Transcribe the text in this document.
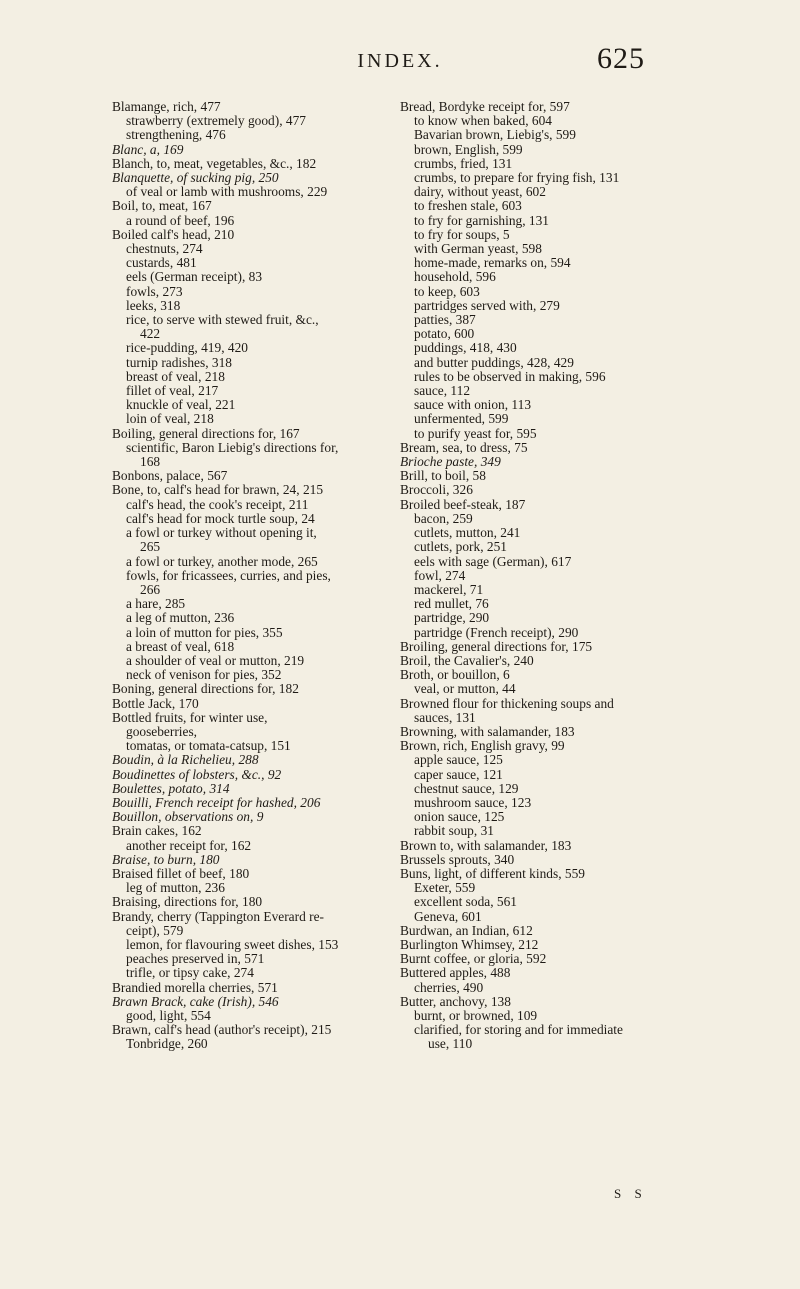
INDEX.	625
Blamange, rich, 477
strawberry (extremely good), 477
strengthening, 476
Blanc, a, 169
Blanch, to, meat, vegetables, &c., 182
Blanquette, of sucking pig, 250
of veal or lamb with mushrooms, 229
Boil, to, meat, 167
a round of beef, 196
Boiled calf's head, 210
chestnuts, 274
custards, 481
eels (German receipt), 83
fowls, 273
leeks, 318
rice, to serve with stewed fruit, &c.,
422
rice-pudding, 419, 420
turnip radishes, 318
breast of veal, 218
fillet of veal, 217
knuckle of veal, 221
loin of veal, 218
Boiling, general directions for, 167
scientific, Baron Liebig's directions for,
168
Bonbons, palace, 567
Bone, to, calf's head for brawn, 24, 215
calf's head, the cook's receipt, 211
calf's head for mock turtle soup, 24
a fowl or turkey without opening it,
265
a fowl or turkey, another mode, 265
fowls, for fricassees, curries, and pies,
266
a hare, 285
a leg of mutton, 236
a loin of mutton for pies, 355
a breast of veal, 618
a shoulder of veal or mutton, 219
neck of venison for pies, 352
Boning, general directions for, 182
Bottle Jack, 170
Bottled fruits, for winter use,
gooseberries,
tomatas, or tomata-catsup, 151
Boudin, à la Richelieu, 288
Boudinettes of lobsters, &c., 92
Boulettes, potato, 314
Bouilli, French receipt for hashed, 206
Bouillon, observations on, 9
Brain cakes, 162
another receipt for, 162
Braise, to burn, 180
Braised fillet of beef, 180
leg of mutton, 236
Braising, directions for, 180
Brandy, cherry (Tappington Everard re-
ceipt), 579
lemon, for flavouring sweet dishes, 153
peaches preserved in, 571
trifle, or tipsy cake, 274
Brandied morella cherries, 571
Brawn Brack, cake (Irish), 546
good, light, 554
Brawn, calf's head (author's receipt), 215
Tonbridge, 260
Bread, Bordyke receipt for, 597
to know when baked, 604
Bavarian brown, Liebig's, 599
brown, English, 599
crumbs, fried, 131
crumbs, to prepare for frying fish, 131
dairy, without yeast, 602
to freshen stale, 603
to fry for garnishing, 131
to fry for soups, 5
with German yeast, 598
home-made, remarks on, 594
household, 596
to keep, 603
partridges served with, 279
patties, 387
potato, 600
puddings, 418, 430
and butter puddings, 428, 429
rules to be observed in making, 596
sauce, 112
sauce with onion, 113
unfermented, 599
to purify yeast for, 595
Bream, sea, to dress, 75
Brioche paste, 349
Brill, to boil, 58
Broccoli, 326
Broiled beef-steak, 187
bacon, 259
cutlets, mutton, 241
cutlets, pork, 251
eels with sage (German), 617
fowl, 274
mackerel, 71
red mullet, 76
partridge, 290
partridge (French receipt), 290
Broiling, general directions for, 175
Broil, the Cavalier's, 240
Broth, or bouillon, 6
veal, or mutton, 44
Browned flour for thickening soups and
sauces, 131
Browning, with salamander, 183
Brown, rich, English gravy, 99
apple sauce, 125
caper sauce, 121
chestnut sauce, 129
mushroom sauce, 123
onion sauce, 125
rabbit soup, 31
Brown to, with salamander, 183
Brussels sprouts, 340
Buns, light, of different kinds, 559
Exeter, 559
excellent soda, 561
Geneva, 601
Burdwan, an Indian, 612
Burlington Whimsey, 212
Burnt coffee, or gloria, 592
Buttered apples, 488
cherries, 490
Butter, anchovy, 138
burnt, or browned, 109
clarified, for storing and for immediate
use, 110
S S
